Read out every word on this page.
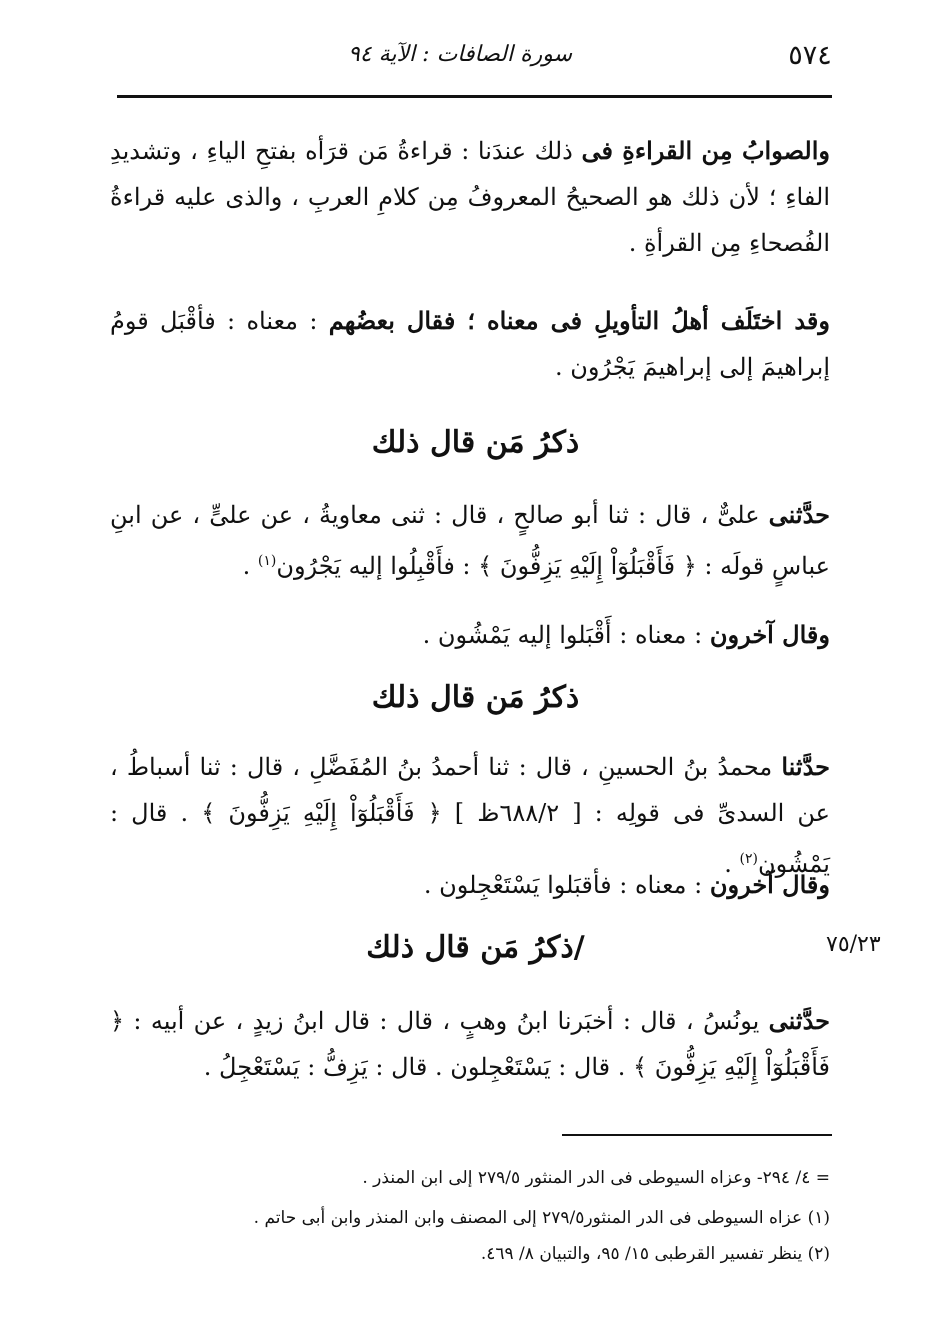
٥٧٤
سورة الصافات : الآية ٩٤

والصوابُ مِن القراءةِ فى ذلك عندَنا : قراءةُ مَن قرَأه بفتحِ الياءِ ، وتشديدِ الفاءِ ؛ لأن ذلك هو الصحيحُ المعروفُ مِن كلامِ العربِ ، والذى عليه قراءةُ الفُصحاءِ مِن القرأةِ .

وقد اختَلَف أهلُ التأويلِ فى معناه ؛ فقال بعضُهم : معناه : فأقْبَل قومُ إبراهيمَ إلى إبراهيمَ يَجْرُون .

ذكرُ مَن قال ذلك

حدَّثنى علىٌّ ، قال : ثنا أبو صالحٍ ، قال : ثنى معاويةُ ، عن علىٍّ ، عن ابنِ عباسٍ قولَه : ﴿ فَأَقْبَلُوٓاْ إِلَيْهِ يَزِفُّونَ ﴾ : فأَقْبِلُوا إليه يَجْرُون$^{(١)}$ .

وقال آخرون : معناه : أَقْبَلوا إليه يَمْشُون .

ذكرُ مَن قال ذلك

حدَّثنا محمدُ بنُ الحسينِ ، قال : ثنا أحمدُ بنُ المُفَضَّلِ ، قال : ثنا أسباطُ ، عن السدىِّ فى قولِه : [ ٦٨٨/٢ظ ] ﴿ فَأَقْبَلُوٓاْ إِلَيْهِ يَزِفُّونَ ﴾ . قال : يَمْشُون$^{(٢)}$ .

وقال آخرون : معناه : فأقبَلوا يَسْتَعْجِلون .

٧٥/٢٣
/ذكرُ مَن قال ذلك

حدَّثنى يونُسُ ، قال : أخبَرنا ابنُ وهبٍ ، قال : قال ابنُ زيدٍ ، عن أبيه : ﴿ فَأَقْبَلُوٓاْ إِلَيْهِ يَزِفُّونَ ﴾ . قال : يَسْتَعْجِلون . قال : يَزِفُّ : يَسْتَعْجِلُ .

= ٤/ ٢٩٤- وعزاه السيوطى فى الدر المنثور ٢٧٩/٥ إلى ابن المنذر .

(١) عزاه السيوطى فى الدر المنثور٢٧٩/٥ إلى المصنف وابن المنذر وابن أبى حاتم .

(٢) ينظر تفسير القرطبى ١٥/ ٩٥، والتبيان ٨/ ٤٦٩.
